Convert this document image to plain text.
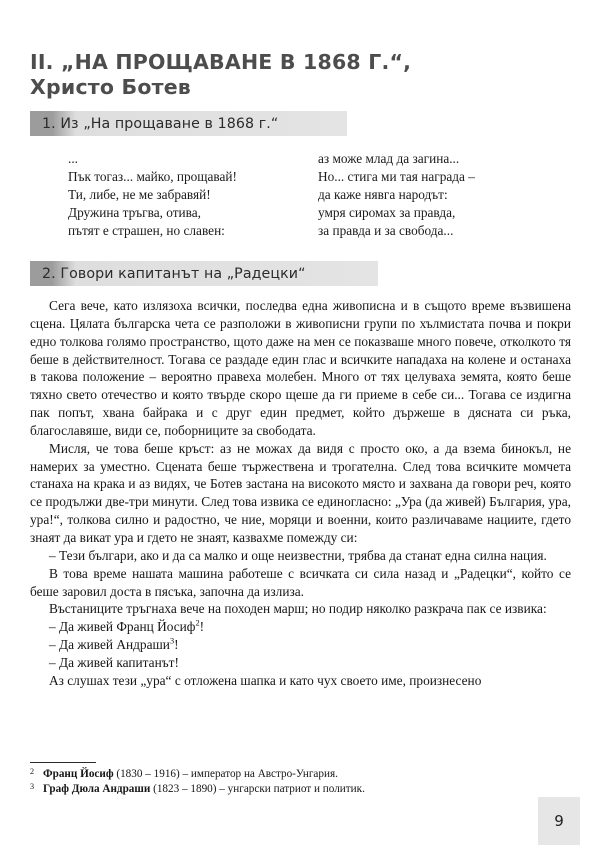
II. „НА ПРОЩАВАНЕ В 1868 Г.“,
Христо Ботев
1. Из „На прощаване в 1868 г.“
...
Пък тогаз... майко, прощавай!
Ти, либе, не ме забравяй!
Дружина тръгва, отива,
пътят е страшен, но славен:
аз може млад да загина...
Но... стига ми тая награда –
да каже нявга народът:
умря сиромах за правда,
за правда и за свобода...
2. Говори капитанът на „Радецки“

Сега вече, като излязоха всички, последва една живописна и в същото време възвишена сцена. Цялата българска чета се разположи в живописни групи по хълмистата почва и покри едно толкова голямо пространство, щото даже на мен се показваше много повече, отколкото тя беше в действителност. Тогава се раздаде един глас и всичките нападаха на колене и останаха в такова положение – вероятно правеха молебен. Много от тях целуваха земята, която беше тяхно свето отечество и която твърде скоро щеше да ги приеме в себе си... Тогава се издигна пак попът, хвана байрака и с друг един предмет, който държеше в дясната си ръка, благославяше, види се, поборниците за свободата.

Мисля, че това беше кръст: аз не можах да видя с просто око, а да взема бинокъл, не намерих за уместно. Сцената беше тържествена и трогателна. След това всичките момчета станаха на крака и аз видях, че Ботев застана на високото място и захвана да говори реч, която се продължи две-три минути. След това извика се единогласно: „Ура (да живей) България, ура, ура!“, толкова силно и радостно, че ние, моряци и военни, които различаваме нациите, гдето знаят да викат ура и гдето не знаят, казвахме помежду си:

– Тези българи, ако и да са малко и още неизвестни, трябва да станат една силна нация.

В това време нашата машина работеше с всичката си сила назад и „Радецки“, който се беше заровил доста в пясъка, започна да излиза.

Въстаниците тръгнаха вече на походен марш; но подир няколко разкрача пак се извика:

– Да живей Франц Йосиф$^2$!

– Да живей Андраши$^3$!

– Да живей капитанът!

Аз слушах тези „ура“ с отложена шапка и като чух своето име, произнесено

2 Франц Йосиф (1830 – 1916) – император на Австро-Унгария.
3 Граф Дюла Андраши (1823 – 1890) – унгарски патриот и политик.
9
